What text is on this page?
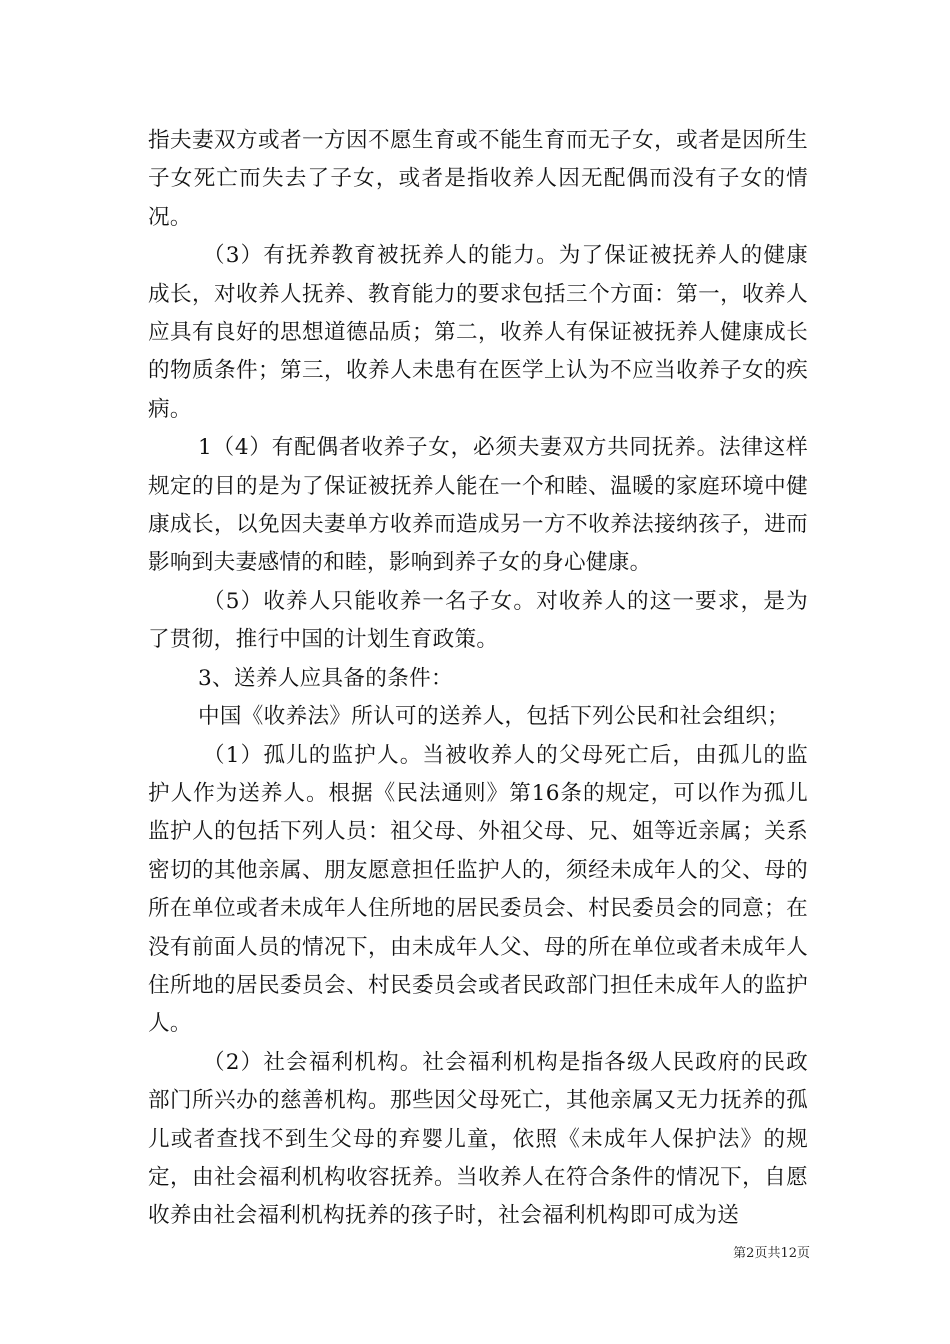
指夫妻双方或者一方因不愿生育或不能生育而无子女，或者是因所生子女死亡而失去了子女，或者是指收养人因无配偶而没有子女的情况。

（3）有抚养教育被抚养人的能力。为了保证被抚养人的健康成长，对收养人抚养、教育能力的要求包括三个方面：第一，收养人应具有良好的思想道德品质；第二，收养人有保证被抚养人健康成长的物质条件；第三，收养人未患有在医学上认为不应当收养子女的疾病。

1（4）有配偶者收养子女，必须夫妻双方共同抚养。法律这样规定的目的是为了保证被抚养人能在一个和睦、温暖的家庭环境中健康成长，以免因夫妻单方收养而造成另一方不收养法接纳孩子，进而影响到夫妻感情的和睦，影响到养子女的身心健康。

（5）收养人只能收养一名子女。对收养人的这一要求，是为了贯彻，推行中国的计划生育政策。

3、送养人应具备的条件：

中国《收养法》所认可的送养人，包括下列公民和社会组织；

（1）孤儿的监护人。当被收养人的父母死亡后，由孤儿的监护人作为送养人。根据《民法通则》第16条的规定，可以作为孤儿监护人的包括下列人员：祖父母、外祖父母、兄、姐等近亲属；关系密切的其他亲属、朋友愿意担任监护人的，须经未成年人的父、母的所在单位或者未成年人住所地的居民委员会、村民委员会的同意；在没有前面人员的情况下，由未成年人父、母的所在单位或者未成年人住所地的居民委员会、村民委员会或者民政部门担任未成年人的监护人。

（2）社会福利机构。社会福利机构是指各级人民政府的民政部门所兴办的慈善机构。那些因父母死亡，其他亲属又无力抚养的孤儿或者查找不到生父母的弃婴儿童，依照《未成年人保护法》的规定，由社会福利机构收容抚养。当收养人在符合条件的情况下，自愿收养由社会福利机构抚养的孩子时，社会福利机构即可成为送

第2页共12页
